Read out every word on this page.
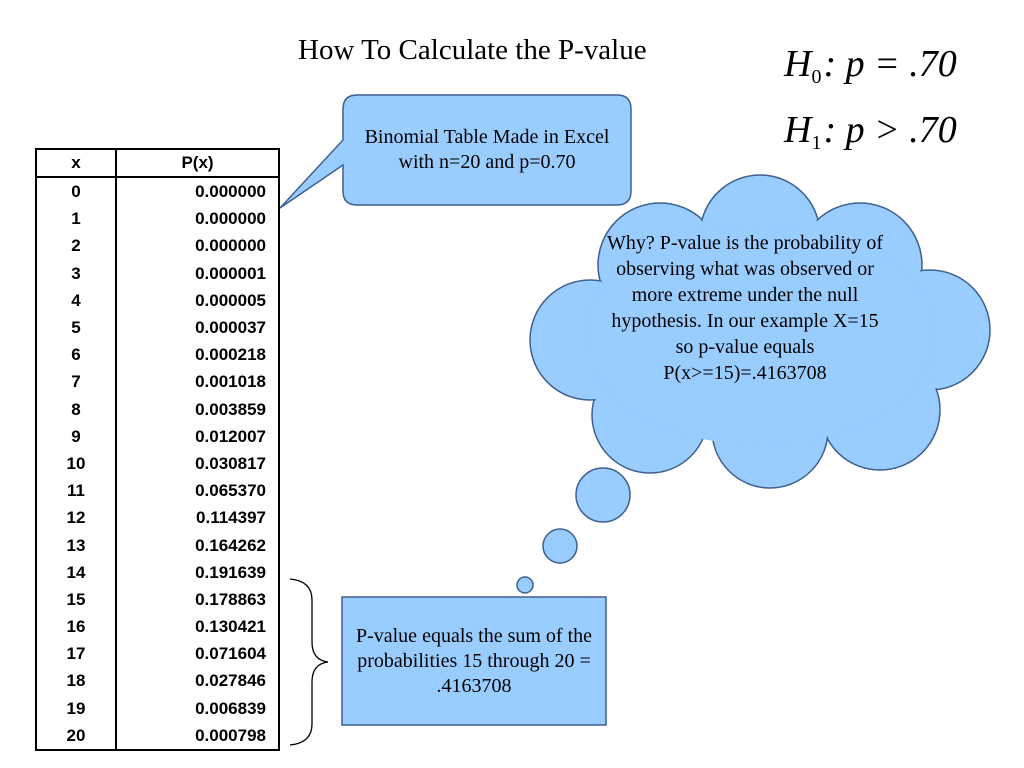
How To Calculate the P-value	$H_0$: p = .70
$H_1$: p > .70
x	P(x)
0	0.000000
1	0.000000
2	0.000000
3	0.000001
4	0.000005
5	0.000037
6	0.000218
7	0.001018
8	0.003859
9	0.012007
10	0.030817
11	0.065370
12	0.114397
13	0.164262
14	0.191639
15	0.178863
16	0.130421
17	0.071604
18	0.027846
19	0.006839
20	0.000798
Binomial Table Made in Excel with n=20 and p=0.70
Why? P-value is the probability of observing what was observed or more extreme under the null hypothesis. In our example X=15 so p-value equals P(x>=15)=.4163708
P-value equals the sum of the probabilities 15 through 20 = .4163708
